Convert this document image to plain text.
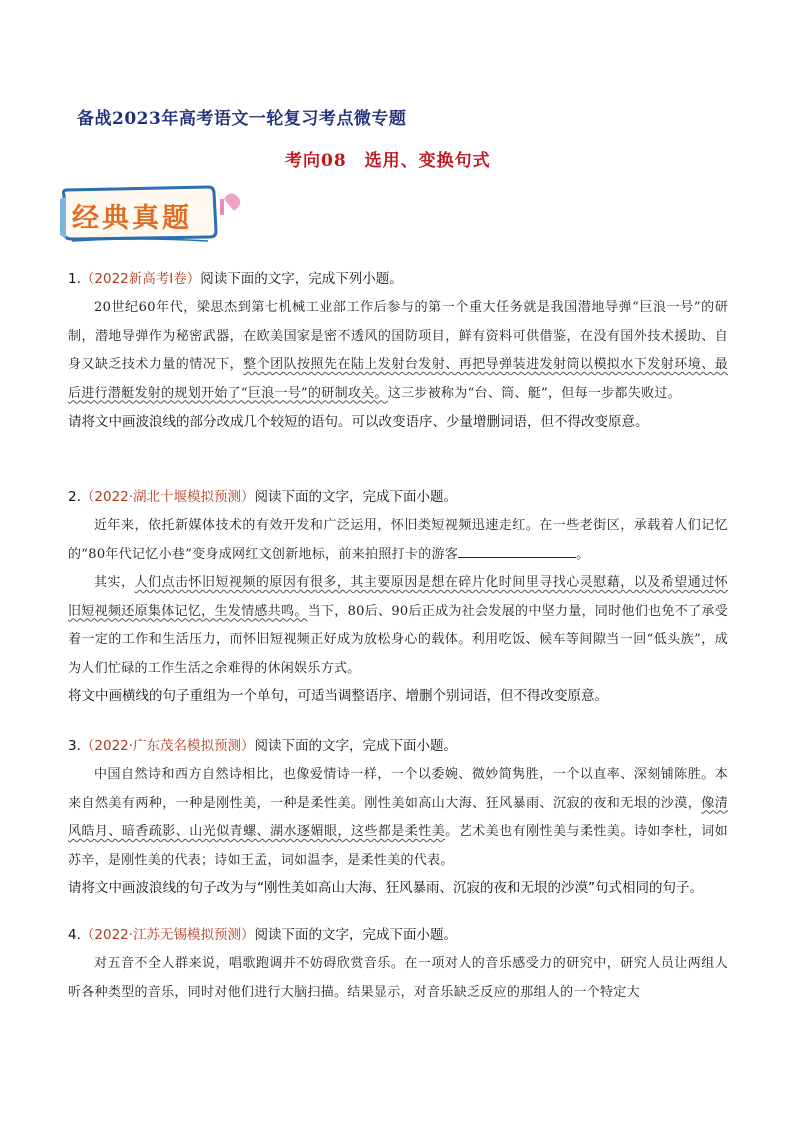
备战2023年高考语文一轮复习考点微专题
考向08　选用、变换句式
经典真题
1.（2022新高考I卷）阅读下面的文字，完成下列小题。
20世纪60年代，梁思杰到第七机械工业部工作后参与的第一个重大任务就是我国潜地导弹“巨浪一号”的研制，潜地导弹作为秘密武器，在欧美国家是密不透风的国防项目，鲜有资料可供借鉴，在没有国外技术援助、自身又缺乏技术力量的情况下，整个团队按照先在陆上发射台发射、再把导弹装进发射筒以模拟水下发射环境、最后进行潜艇发射的规划开始了“巨浪一号”的研制攻关。这三步被称为“台、筒、艇”，但每一步都失败过。
请将文中画波浪线的部分改成几个较短的语句。可以改变语序、少量增删词语，但不得改变原意。
2.（2022·湖北十堰模拟预测）阅读下面的文字，完成下面小题。
近年来，依托新媒体技术的有效开发和广泛运用，怀旧类短视频迅速走红。在一些老街区，承载着人们记忆的“80年代记忆小巷”变身成网红文创新地标，前来拍照打卡的游客	。
其实，人们点击怀旧短视频的原因有很多，其主要原因是想在碎片化时间里寻找心灵慰藉，以及希望通过怀旧短视频还原集体记忆，生发情感共鸣。当下，80后、90后正成为社会发展的中坚力量，同时他们也免不了承受着一定的工作和生活压力，而怀旧短视频正好成为放松身心的载体。利用吃饭、候车等间隙当一回“低头族”，成为人们忙碌的工作生活之余难得的休闲娱乐方式。
将文中画横线的句子重组为一个单句，可适当调整语序、增删个别词语，但不得改变原意。
3.（2022·广东茂名模拟预测）阅读下面的文字，完成下面小题。
中国自然诗和西方自然诗相比，也像爱情诗一样，一个以委婉、微妙简隽胜，一个以直率、深刻铺陈胜。本来自然美有两种，一种是刚性美，一种是柔性美。刚性美如高山大海、狂风暴雨、沉寂的夜和无垠的沙漠，像清风皓月、暗香疏影、山光似青螺、湖水逐媚眼，这些都是柔性美。艺术美也有刚性美与柔性美。诗如李杜，词如苏辛，是刚性美的代表；诗如王孟，词如温李，是柔性美的代表。
请将文中画波浪线的句子改为与“刚性美如高山大海、狂风暴雨、沉寂的夜和无垠的沙漠”句式相同的句子。
4.（2022·江苏无锡模拟预测）阅读下面的文字，完成下面小题。
对五音不全人群来说，唱歌跑调并不妨碍欣赏音乐。在一项对人的音乐感受力的研究中，研究人员让两组人听各种类型的音乐，同时对他们进行大脑扫描。结果显示，对音乐缺乏反应的那组人的一个特定大
